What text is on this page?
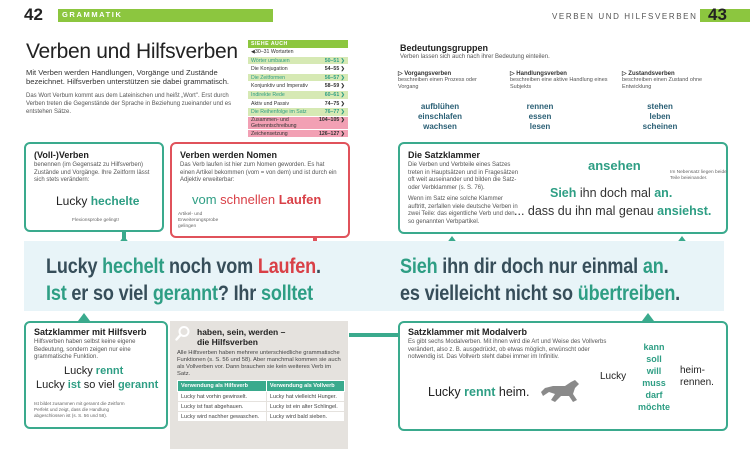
42	GRAMMATIK	VERBEN UND HILFSVERBEN 43
Verben und Hilfsverben

Mit Verben werden Handlungen, Vorgänge und Zustände bezeichnet. Hilfsverben unterstützen sie dabei grammatisch.

Das Wort Verbum kommt aus dem Lateinischen und heißt „Wort". Erst durch Verben treten die Gegenstände der Sprache in Beziehung zueinander und es entstehen Sätze.

SIEHE AUCH
◀30–31 Wortarten
Wörter umbauen	50–51 ❯
Die Konjugation	54–55 ❯
Die Zeitformen	56–57 ❯
Konjunktiv und Imperativ	58–59 ❯
Indirekte Rede	60–61 ❯
Aktiv und Passiv	74–75 ❯
Die Reihenfolge im Satz	76–77 ❯
Zusammen- und Getrenntschreibung
104–105 ❯
Zeichensetzung	126–127 ❯
Bedeutungsgruppen
Verben lassen sich auch nach ihrer Bedeutung einteilen.
▷ Vorgangsverben
beschreiben einen Prozess oder Vorgang
▷ Handlungsverben
beschreiben eine aktive Handlung eines Subjekts
▷ Zustandsverben
beschreiben einen Zustand ohne Entwicklung
aufblühen
einschlafen
wachsen
rennen
essen
lesen
stehen
leben
scheinen
(Voll-)Verben
benennen (im Gegensatz zu Hilfsverben) Zustände und Vorgänge. Ihre Zeitform lässt sich stets verändern:
Lucky hechelte
Flexionsprobe gelingt!
Verben werden Nomen
Das Verb laufen ist hier zum Nomen geworden. Es hat einen Artikel bekommen (vom = von dem) und ist durch ein Adjektiv erweiterbar:
vom schnellen Laufen
Artikel- und Erweiterungsprobe gelingen
Die Satzklammer
Die Verben und Verbteile eines Satzes treten in Hauptsätzen und in Fragesätzen oft weit auseinander und bilden die Satz- oder Verbklammer (s. S. 76).
Wenn im Satz eine solche Klammer auftritt, zerfallen viele deutsche Verben in zwei Teile: das eigentliche Verb und den so genannten Verbpartikel.
ansehen	Im Nebensatz liegen beide Teile beieinander.
Sieh ihn doch mal an.
... dass du ihn mal genau ansiehst.
Lucky hechelt noch vom Laufen.
Ist er so viel gerannt? Ihr solltet
Sieh ihn dir doch nur einmal an.
es vielleicht nicht so übertreiben.
Satzklammer mit Hilfsverb
Hilfsverben haben selbst keine eigene Bedeutung, sondern zeigen nur eine grammatische Funktion.
Lucky rennt
Lucky ist so viel gerannt
Ist bildet zusammen mit gerannt die Zeitform Perfekt und zeigt, dass die Handlung abgeschlossen ist (s. S. 56 und 58).
haben, sein, werden –
die Hilfsverben
Alle Hilfsverben haben mehrere unterschiedliche grammatische Funktionen (s. S. 56 und 58). Aber manchmal kommen sie auch als Vollverben vor. Dann brauchen sie kein weiteres Verb im Satz.
Verwendung als Hilfsverb	Verwendung als Vollverb
Lucky hat vorhin gewinselt.	Lucky hat vielleicht Hunger.
Lucky ist fast abgehauen.	Lucky ist ein alter Schlingel.
Lucky wird nachher gewaschen.	Lucky wird bald sieben.
Satzklammer mit Modalverb
Es gibt sechs Modalverben. Mit ihnen wird die Art und Weise des Vollverbs verändert, also z. B. ausgedrückt, ob etwas möglich, erwünscht oder notwendig ist. Das Vollverb steht dabei immer im Infinitiv.
Lucky rennt heim.
Lucky
kann
soll
will
muss
darf
möchte
heim-
rennen.
